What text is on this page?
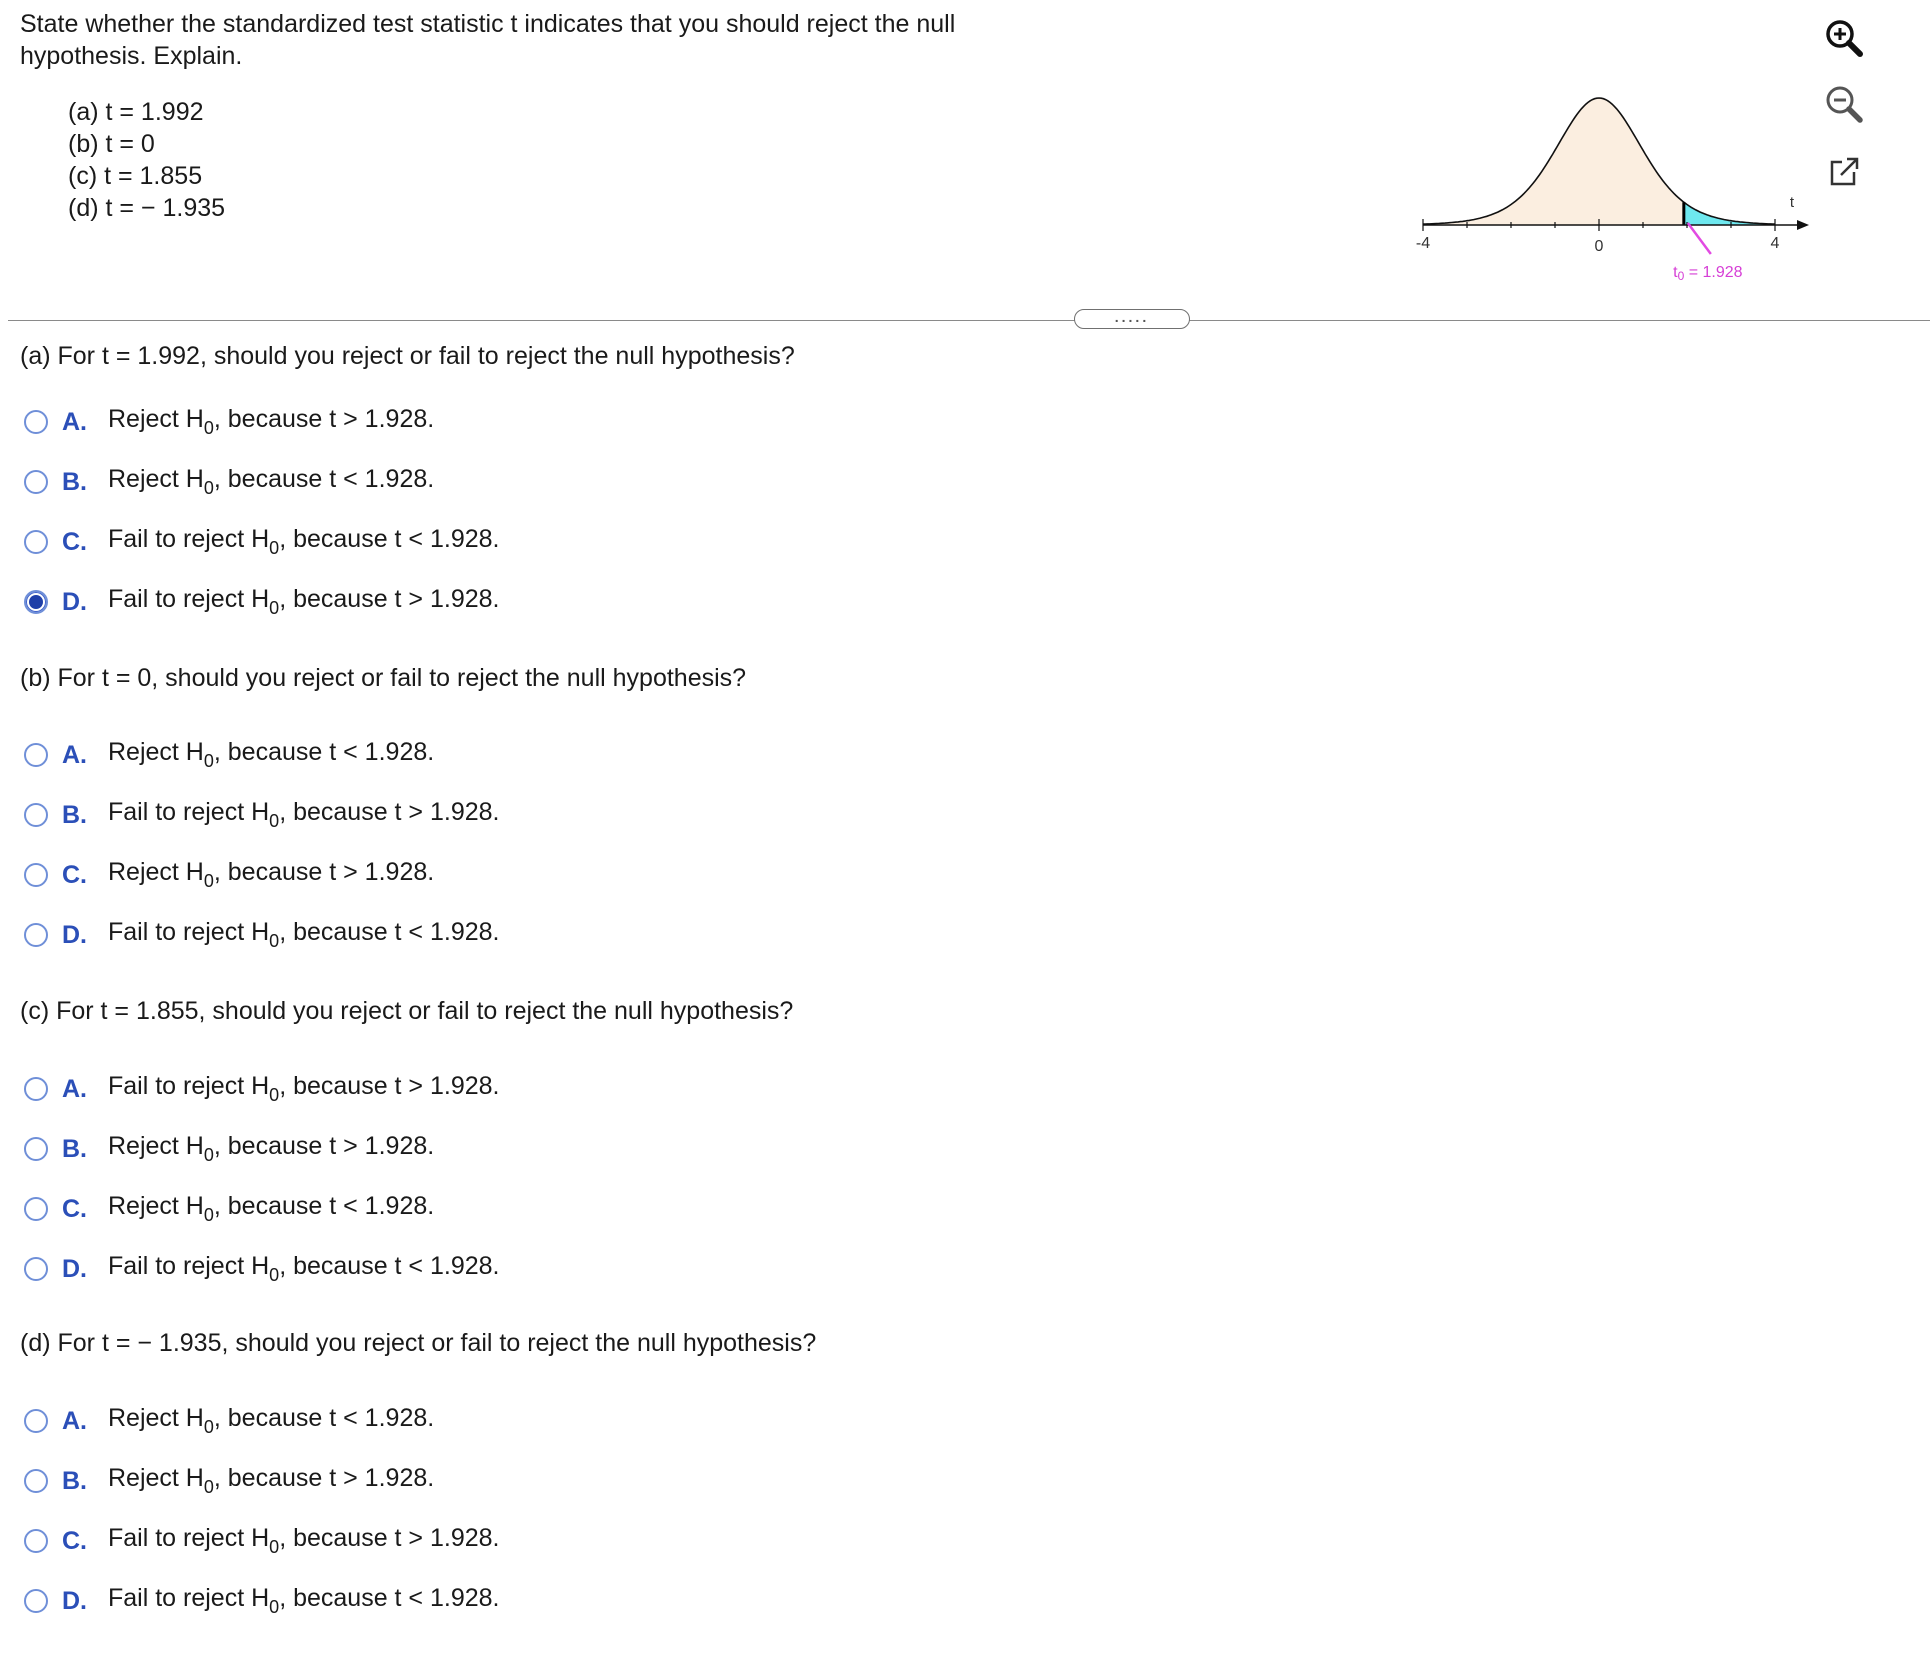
State whether the standardized test statistic t indicates that you should reject the null
hypothesis. Explain.
(a) t = 1.992
(b) t = 0
(c) t = 1.855
(d) t = − 1.935
-4	0	4
t
t0 = 1.928
.....
(a) For t = 1.992, should you reject or fail to reject the null hypothesis?
A. Reject $H_0$, because t > 1.928.
B. Reject $H_0$, because t < 1.928.
C. Fail to reject $H_0$, because t < 1.928.
D. Fail to reject $H_0$, because t > 1.928.
(b) For t = 0, should you reject or fail to reject the null hypothesis?
A. Reject $H_0$, because t < 1.928.
B. Fail to reject $H_0$, because t > 1.928.
C. Reject $H_0$, because t > 1.928.
D. Fail to reject $H_0$, because t < 1.928.
(c) For t = 1.855, should you reject or fail to reject the null hypothesis?
A. Fail to reject $H_0$, because t > 1.928.
B. Reject $H_0$, because t > 1.928.
C. Reject $H_0$, because t < 1.928.
D. Fail to reject $H_0$, because t < 1.928.
(d) For t = − 1.935, should you reject or fail to reject the null hypothesis?
A. Reject $H_0$, because t < 1.928.
B. Reject $H_0$, because t > 1.928.
C. Fail to reject $H_0$, because t > 1.928.
D. Fail to reject $H_0$, because t < 1.928.
